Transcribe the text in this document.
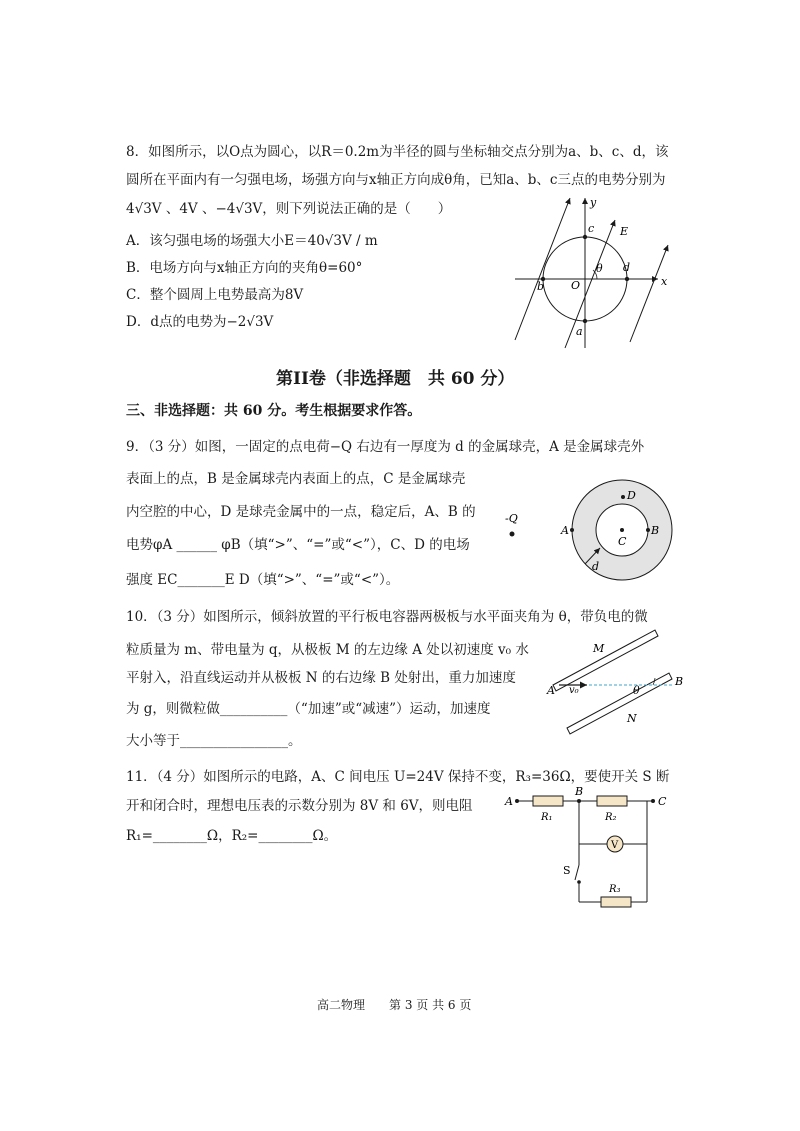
8．如图所示，以O点为圆心，以R＝0.2m为半径的圆与坐标轴交点分别为a、b、c、d，该
圆所在平面内有一匀强电场，场强方向与x轴正方向成θ角，已知a、b、c三点的电势分别为
4√3V 、4V 、−4√3V，则下列说法正确的是（　　）
A．该匀强电场的场强大小E＝40√3V / m
B．电场方向与x轴正方向的夹角θ=60°
C．整个圆周上电势最高为8V
D．d点的电势为−2√3V
y
x
c
d
b
a
O
E
θ
第II卷（非选择题　共 60 分）
三、非选择题：共 60 分。考生根据要求作答。
9．（3 分）如图，一固定的点电荷−Q 右边有一厚度为 d 的金属球壳，A 是金属球壳外
表面上的点，B 是金属球壳内表面上的点，C 是金属球壳
内空腔的中心，D 是球壳金属中的一点，稳定后，A、B 的
电势φA ______ φB（填“>”、“=”或“<”），C、D 的电场
强度 EC_______E D（填“>”、“=”或“<”）。
-Q
A	B
C
D
d
10．（3 分）如图所示，倾斜放置的平行板电容器两极板与水平面夹角为 θ，带负电的微
粒质量为 m、带电量为 q，从极板 M 的左边缘 A 处以初速度 v₀ 水
平射入，沿直线运动并从极板 N 的右边缘 B 处射出，重力加速度
为 g，则微粒做__________（“加速”或“减速”）运动，加速度
大小等于________________。
M
N
A
B
v₀	θ
11．（4 分）如图所示的电路，A、C 间电压 U=24V 保持不变，R₃=36Ω，要使开关 S 断
开和闭合时，理想电压表的示数分别为 8V 和 6V，则电阻
R₁=________Ω，R₂=________Ω。
V
A
B
C
R₁	R₂
R₃
S
高二物理　　第 3 页 共 6 页
